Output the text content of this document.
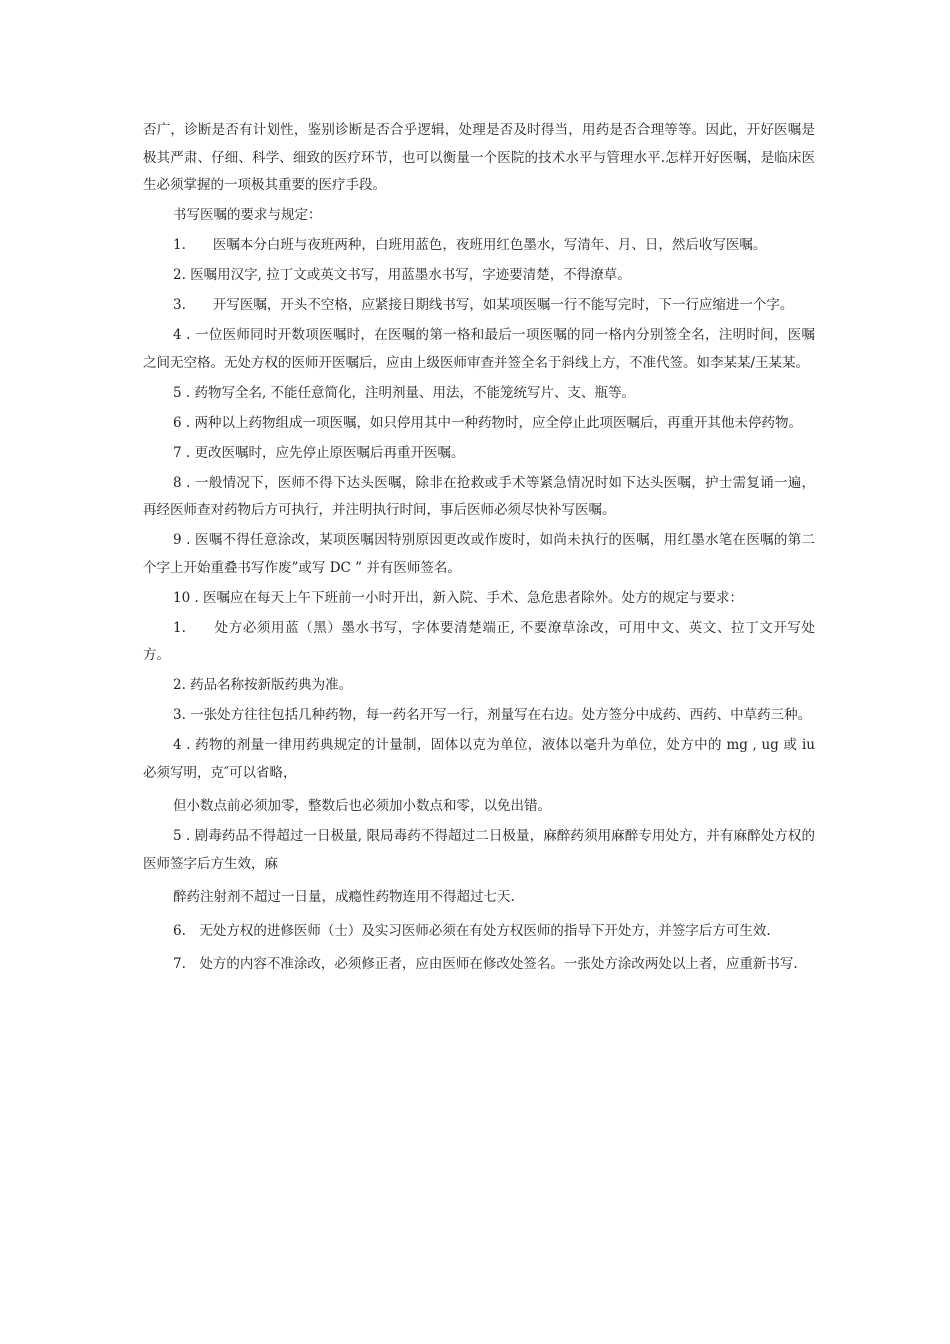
否广，诊断是否有计划性，鉴别诊断是否合乎逻辑，处理是否及时得当，用药是否合理等等。因此，开好医嘱是极其严肃、仔细、科学、细致的医疗环节，也可以衡量一个医院的技术水平与管理水平.怎样开好医嘱，是临床医生必须掌握的一项极其重要的医疗手段。

书写医嘱的要求与规定：

1.　　医嘱本分白班与夜班两种，白班用蓝色，夜班用红色墨水，写清年、月、日，然后收写医嘱。

2. 医嘱用汉字, 拉丁文或英文书写，用蓝墨水书写，字迹要清楚，不得潦草。

3.　　开写医嘱，开头不空格，应紧接日期线书写，如某项医嘱一行不能写完时，下一行应缩进一个字。

4 . 一位医师同时开数项医嘱时，在医嘱的第一格和最后一项医嘱的同一格内分别签全名，注明时间，医嘱之间无空格。无处方权的医师开医嘱后，应由上级医师审查并签全名于斜线上方，不准代签。如李某某/王某某。

5 . 药物写全名, 不能任意简化，注明剂量、用法，不能笼统写片、支、瓶等。

6 . 两种以上药物组成一项医嘱，如只停用其中一种药物时，应全停止此项医嘱后，再重开其他未停药物。

7 . 更改医嘱时，应先停止原医嘱后再重开医嘱。

8 . 一般情况下，医师不得下达头医嘱，除非在抢救或手术等紧急情况时如下达头医嘱，护士需复诵一遍，再经医师查对药物后方可执行，并注明执行时间，事后医师必须尽快补写医嘱。

9 . 医嘱不得任意涂改，某项医嘱因特别原因更改或作废时，如尚未执行的医嘱，用红墨水笔在医嘱的第二个字上开始重叠书写作废”或写 DC ” 并有医师签名。

10 . 医嘱应在每天上午下班前一小时开出，新入院、手术、急危患者除外。处方的规定与要求：

1.　　处方必须用蓝（黑）墨水书写，字体要清楚端正, 不要潦草涂改，可用中文、英文、拉丁文开写处方。

2. 药品名称按新版药典为准。

3. 一张处方往往包括几种药物，每一药名开写一行，剂量写在右边。处方签分中成药、西药、中草药三种。

4 . 药物的剂量一律用药典规定的计量制，固体以克为单位，液体以毫升为单位，处方中的 mg , ug 或 iu 必须写明，克″可以省略，

但小数点前必须加零，整数后也必须加小数点和零，以免出错。

5 . 剧毒药品不得超过一日极量, 限局毒药不得超过二日极量，麻醉药须用麻醉专用处方，并有麻醉处方权的医师签字后方生效，麻

醉药注射剂不超过一日量，成瘾性药物连用不得超过七天.

6.　无处方权的进修医师（士）及实习医师必须在有处方权医师的指导下开处方，并签字后方可生效.

7.　处方的内容不准涂改，必须修正者，应由医师在修改处签名。一张处方涂改两处以上者，应重新书写.
